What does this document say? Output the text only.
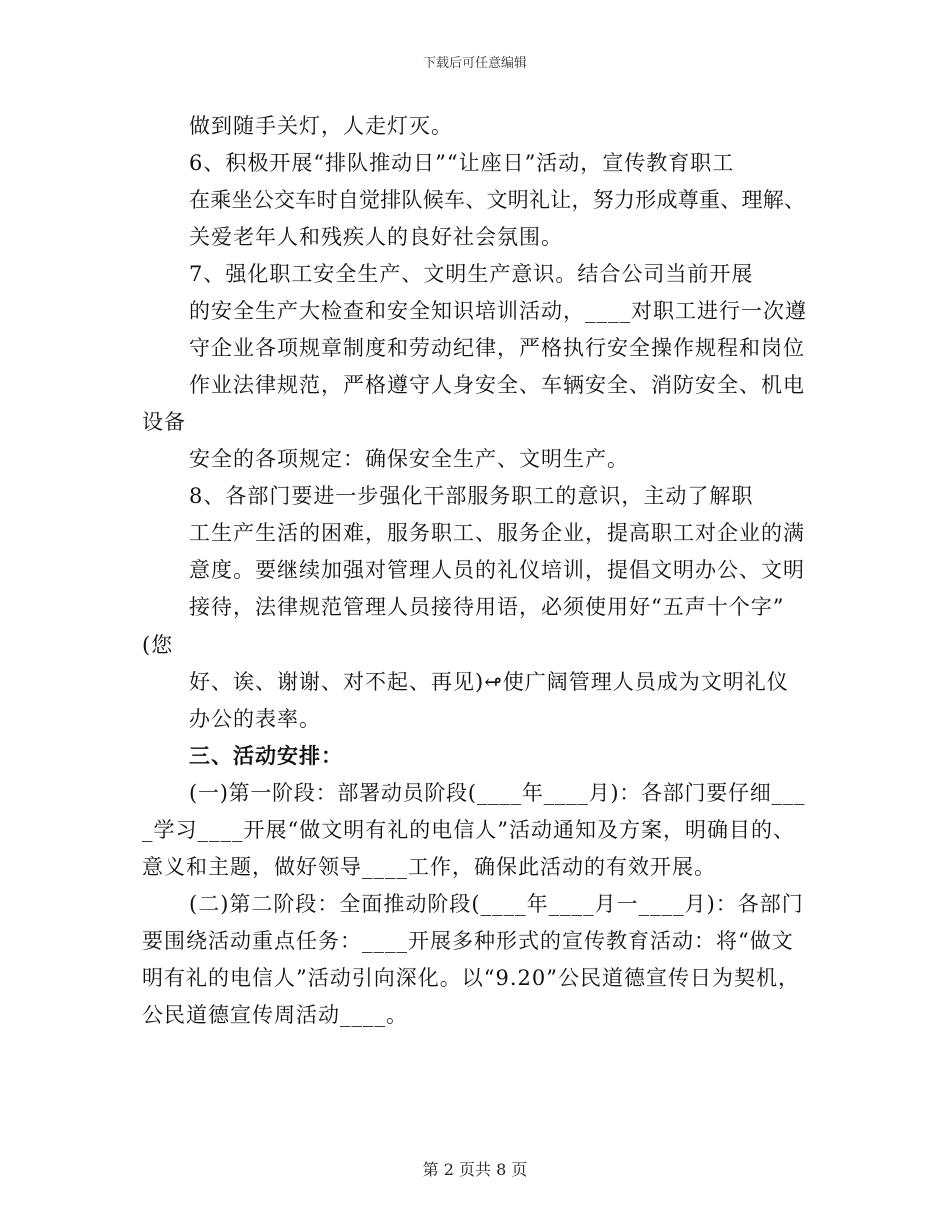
下载后可任意编辑
做到随手关灯，人走灯灭。
6、积极开展“排队推动日”“让座日”活动，宣传教育职工
在乘坐公交车时自觉排队候车、文明礼让，努力形成尊重、理解、
关爱老年人和残疾人的良好社会氛围。
7、强化职工安全生产、文明生产意识。结合公司当前开展
的安全生产大检查和安全知识培训活动，____对职工进行一次遵
守企业各项规章制度和劳动纪律，严格执行安全操作规程和岗位
作业法律规范，严格遵守人身安全、车辆安全、消防安全、机电
设备
安全的各项规定：确保安全生产、文明生产。
8、各部门要进一步强化干部服务职工的意识，主动了解职
工生产生活的困难，服务职工、服务企业，提高职工对企业的满
意度。要继续加强对管理人员的礼仪培训，提倡文明办公、文明
接待，法律规范管理人员接待用语，必须使用好“五声十个字”
(您
好、诶、谢谢、对不起、再见)↫使广阔管理人员成为文明礼仪
办公的表率。
三、活动安排：
(一)第一阶段：部署动员阶段(____年____月)：各部门要仔细___
_学习____开展“做文明有礼的电信人”活动通知及方案，明确目的、
意义和主题，做好领导____工作，确保此活动的有效开展。
(二)第二阶段：全面推动阶段(____年____月一____月)：各部门
要围绕活动重点任务：____开展多种形式的宣传教育活动：将“做文
明有礼的电信人”活动引向深化。以“9.20”公民道德宣传日为契机，
公民道德宣传周活动____。
第 2 页共 8 页
